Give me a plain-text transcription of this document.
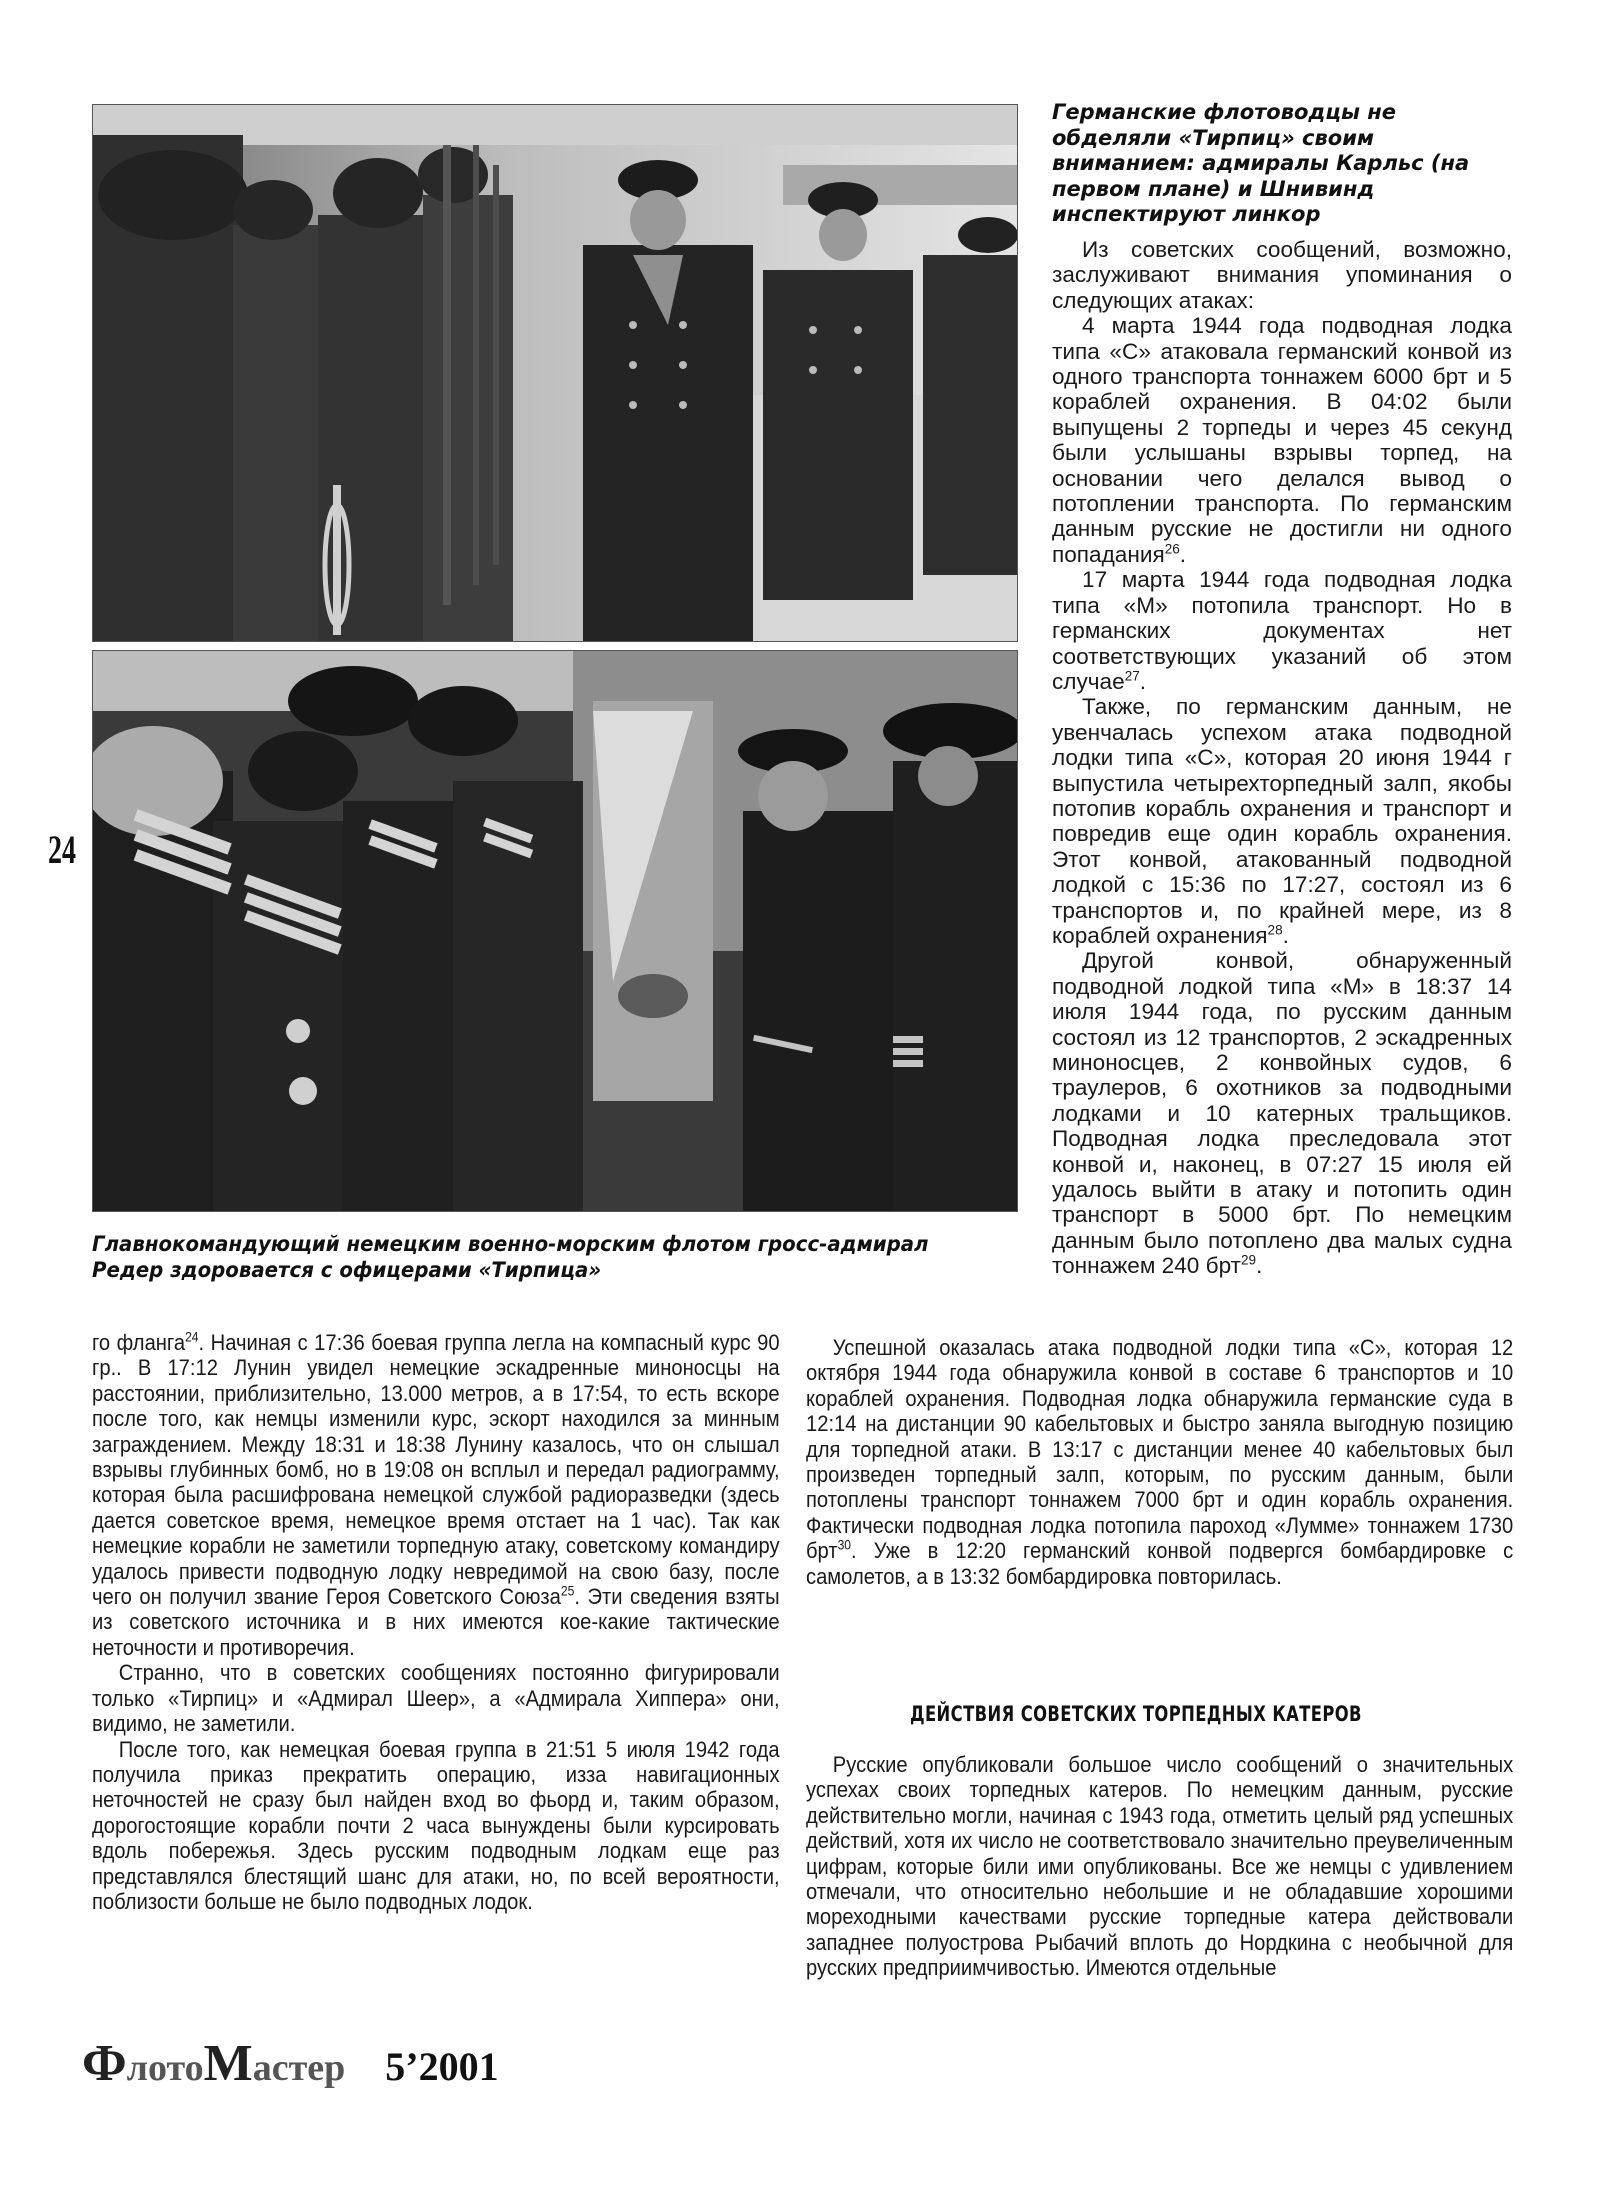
24
Германские флотоводцы не обделяли «Тирпиц» своим вниманием: адмиралы Карльс (на первом плане) и Шнивинд инспектируют линкор
Главнокомандующий немецким военно-морским флотом гросс-адмирал Редер здоровается с офицерами «Тирпица»

Из советских сообщений, возможно, заслуживают внимания упоминания о следующих атаках:

4 марта 1944 года подводная лодка типа «С» атаковала германский конвой из одного транспорта тоннажем 6000 брт и 5 кораблей охранения. В 04:02 были выпущены 2 торпеды и через 45 секунд были услышаны взрывы торпед, на основании чего делался вывод о потоплении транспорта. По германским данным русские не достигли ни одного попадания$^{26}$.

17 марта 1944 года подводная лодка типа «М» потопила транспорт. Но в германских документах нет соответствующих указаний об этом случае$^{27}$.

Также, по германским данным, не увенчалась успехом атака подводной лодки типа «С», которая 20 июня 1944 г выпустила четырехторпедный залп, якобы потопив корабль охранения и транспорт и повредив еще один корабль охранения. Этот конвой, атакованный подводной лодкой с 15:36 по 17:27, состоял из 6 транспортов и, по крайней мере, из 8 кораблей охранения$^{28}$.

Другой конвой, обнаруженный подводной лодкой типа «М» в 18:37 14 июля 1944 года, по русским данным состоял из 12 транспортов, 2 эскадренных миноносцев, 2 конвойных судов, 6 траулеров, 6 охотников за подводными лодками и 10 катерных тральщиков. Подводная лодка преследовала этот конвой и, наконец, в 07:27 15 июля ей удалось выйти в атаку и потопить один транспорт в 5000 брт. По немецким данным было потоплено два малых судна тоннажем 240 брт$^{29}$.

го фланга$^{24}$. Начиная с 17:36 боевая группа легла на компасный курс 90 гр.. В 17:12 Лунин увидел немецкие эскадренные миноносцы на расстоянии, приблизительно, 13.000 метров, а в 17:54, то есть вскоре после того, как немцы изменили курс, эскорт находился за минным заграждением. Между 18:31 и 18:38 Лунину казалось, что он слышал взрывы глубинных бомб, но в 19:08 он всплыл и передал радиограмму, которая была расшифрована немецкой службой радиоразведки (здесь дается советское время, немецкое время отстает на 1 час). Так как немецкие корабли не заметили торпедную атаку, советскому командиру удалось привести подводную лодку невредимой на свою базу, после чего он получил звание Героя Советского Союза$^{25}$. Эти сведения взяты из советского источника и в них имеются кое-какие тактические неточности и противоречия.

Странно, что в советских сообщениях постоянно фигурировали только «Тирпиц» и «Адмирал Шеер», а «Адмирала Хиппера» они, видимо, не заметили.

После того, как немецкая боевая группа в 21:51 5 июля 1942 года получила приказ прекратить операцию, изза навигационных неточностей не сразу был найден вход во фьорд и, таким образом, дорогостоящие корабли почти 2 часа вынуждены были курсировать вдоль побережья. Здесь русским подводным лодкам еще раз представлялся блестящий шанс для атаки, но, по всей вероятности, поблизости больше не было подводных лодок.

Успешной оказалась атака подводной лодки типа «С», которая 12 октября 1944 года обнаружила конвой в составе 6 транспортов и 10 кораблей охранения. Подводная лодка обнаружила германские суда в 12:14 на дистанции 90 кабельтовых и быстро заняла выгодную позицию для торпедной атаки. В 13:17 с дистанции менее 40 кабельтовых был произведен торпедный залп, которым, по русским данным, были потоплены транспорт тоннажем 7000 брт и один корабль охранения. Фактически подводная лодка потопила пароход «Лумме» тоннажем 1730 брт$^{30}$. Уже в 12:20 германский конвой подвергся бомбардировке с самолетов, а в 13:32 бомбардировка повторилась.

ДЕЙСТВИЯ СОВЕТСКИХ ТОРПЕДНЫХ КАТЕРОВ

Русские опубликовали большое число сообщений о значительных успехах своих торпедных катеров. По немецким данным, русские действительно могли, начиная с 1943 года, отметить целый ряд успешных действий, хотя их число не соответствовало значительно преувеличенным цифрам, которые били ими опубликованы. Все же немцы с удивлением отмечали, что относительно небольшие и не обладавшие хорошими мореходными качествами русские торпедные катера действовали западнее полуострова Рыбачий вплоть до Нордкина с необычной для русских предприимчивостью. Имеются отдельные

ФлотоМастер 5’2001
